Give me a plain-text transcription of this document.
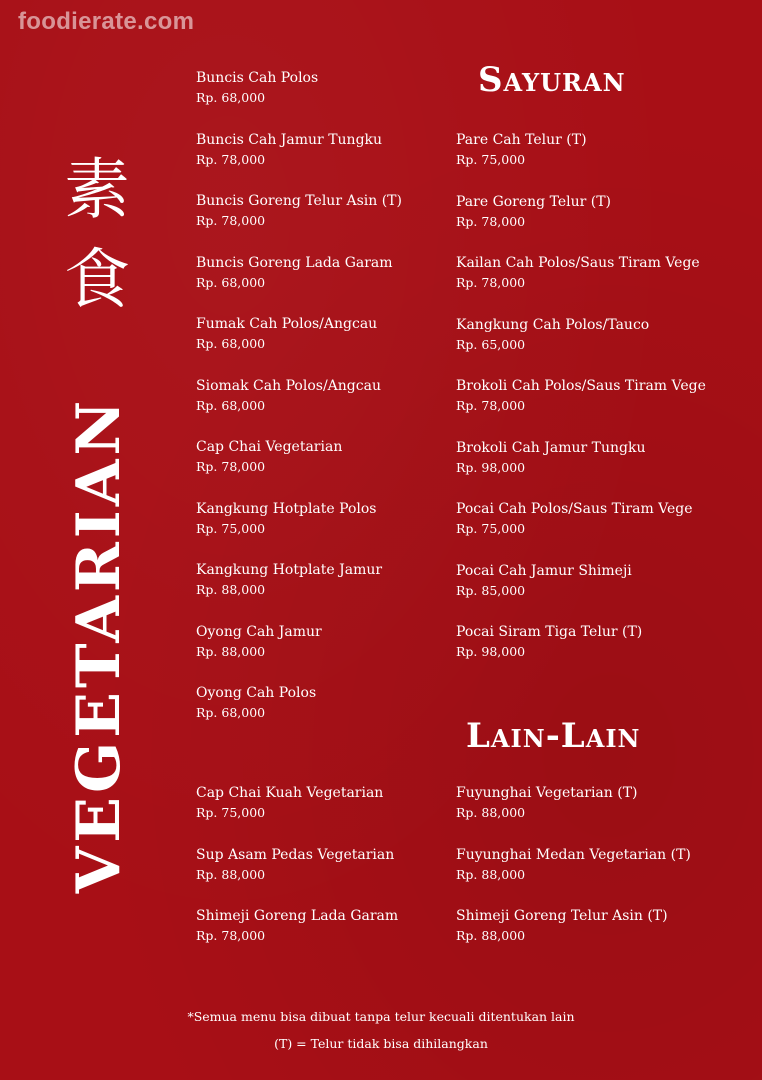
foodierate.com
素
食
VEGETARIAN
Sayuran
Lain-Lain
Buncis Cah Polos
Rp. 68,000
Buncis Cah Jamur Tungku
Rp. 78,000
Buncis Goreng Telur Asin (T)
Rp. 78,000
Buncis Goreng Lada Garam
Rp. 68,000
Fumak Cah Polos/Angcau
Rp. 68,000
Siomak Cah Polos/Angcau
Rp. 68,000
Cap Chai Vegetarian
Rp. 78,000
Kangkung Hotplate Polos
Rp. 75,000
Kangkung Hotplate Jamur
Rp. 88,000
Oyong Cah Jamur
Rp. 88,000
Oyong Cah Polos
Rp. 68,000
Pare Cah Telur (T)
Rp. 75,000
Pare Goreng Telur (T)
Rp. 78,000
Kailan Cah Polos/Saus Tiram Vege
Rp. 78,000
Kangkung Cah Polos/Tauco
Rp. 65,000
Brokoli Cah Polos/Saus Tiram Vege
Rp. 78,000
Brokoli Cah Jamur Tungku
Rp. 98,000
Pocai Cah Polos/Saus Tiram Vege
Rp. 75,000
Pocai Cah Jamur Shimeji
Rp. 85,000
Pocai Siram Tiga Telur (T)
Rp. 98,000
Cap Chai Kuah Vegetarian
Rp. 75,000
Sup Asam Pedas Vegetarian
Rp. 88,000
Shimeji Goreng Lada Garam
Rp. 78,000
Fuyunghai Vegetarian (T)
Rp. 88,000
Fuyunghai Medan Vegetarian (T)
Rp. 88,000
Shimeji Goreng Telur Asin (T)
Rp. 88,000
*Semua menu bisa dibuat tanpa telur kecuali ditentukan lain
(T) = Telur tidak bisa dihilangkan
